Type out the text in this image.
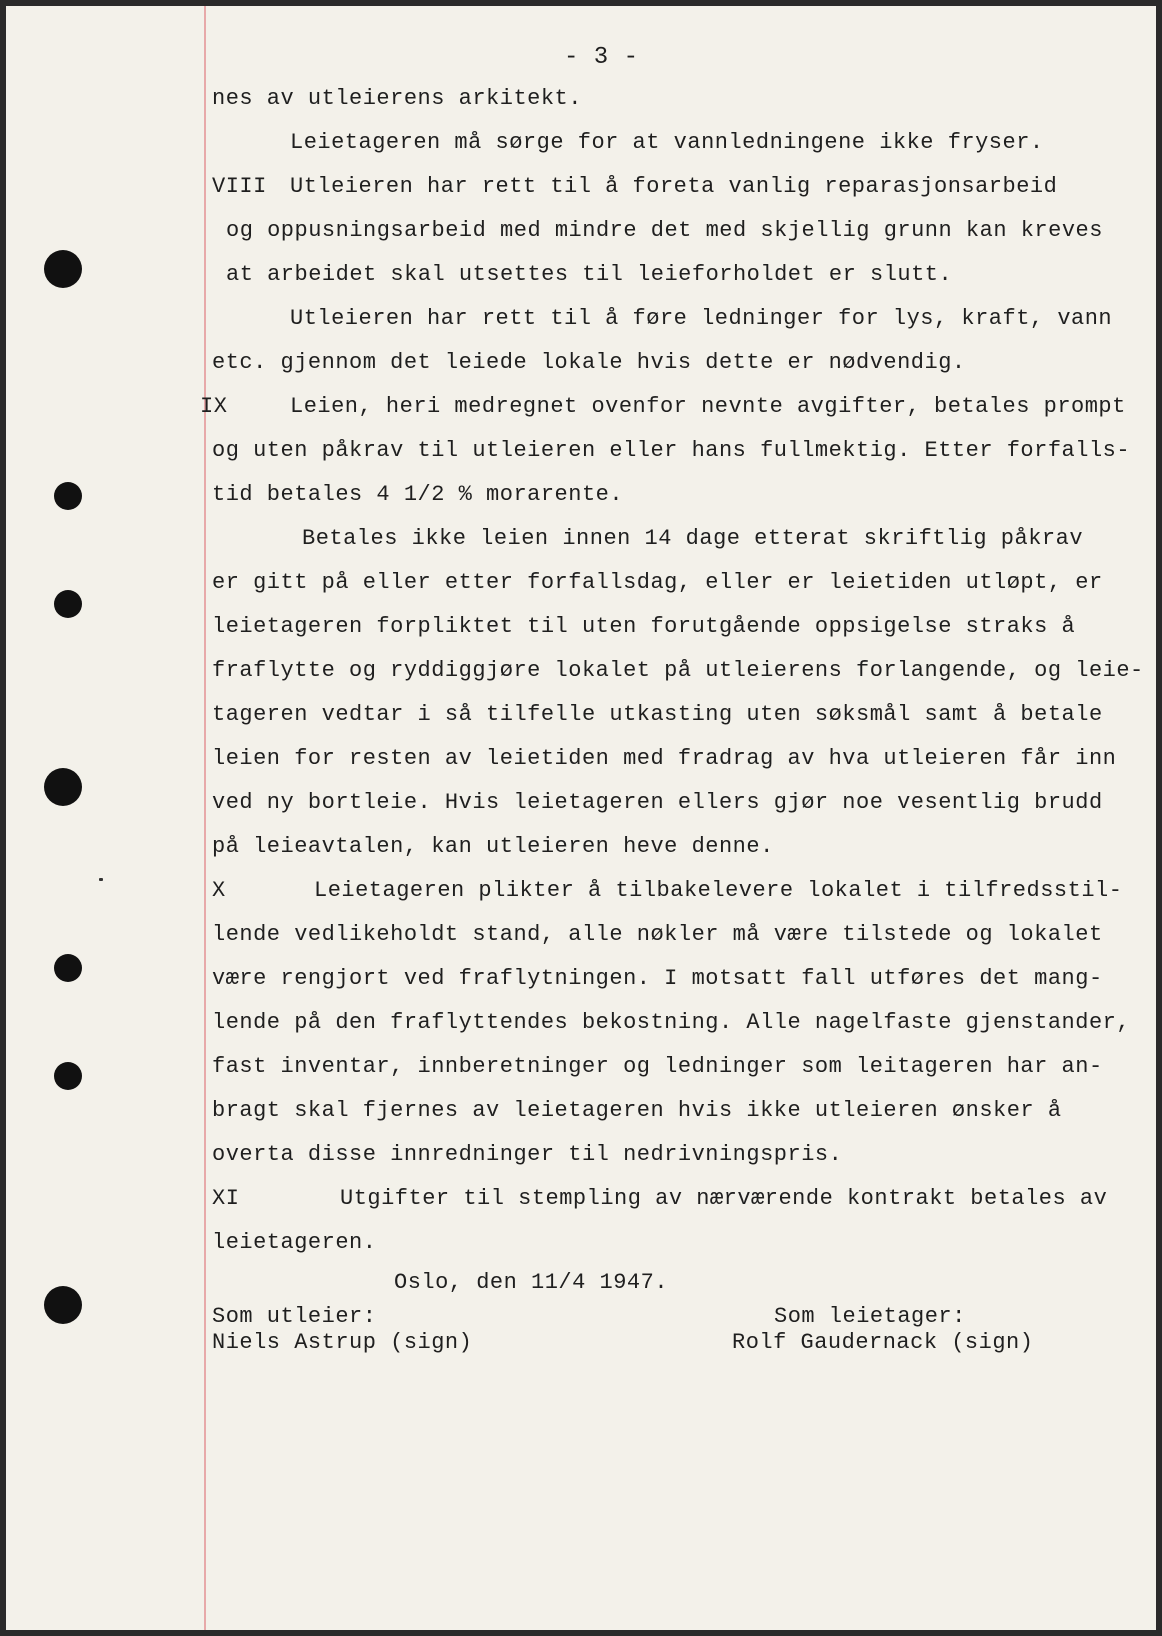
- 3 -
nes av utleierens arkitekt.
Leietageren må sørge for at vannledningene ikke fryser.
VIII Utleieren har rett til å foreta vanlig reparasjonsarbeid
og oppusningsarbeid med mindre det med skjellig grunn kan kreves
at arbeidet skal utsettes til leieforholdet er slutt.
Utleieren har rett til å føre ledninger for lys, kraft, vann
etc. gjennom det leiede lokale hvis dette er nødvendig.
IX	Leien, heri medregnet ovenfor nevnte avgifter, betales prompt
og uten påkrav til utleieren eller hans fullmektig. Etter forfalls-
tid betales 4 1/2 % morarente.
Betales ikke leien innen 14 dage etterat skriftlig påkrav
er gitt på eller etter forfallsdag, eller er leietiden utløpt, er
leietageren forpliktet til uten forutgående oppsigelse straks å
fraflytte og ryddiggjøre lokalet på utleierens forlangende, og leie-
tageren vedtar i så tilfelle utkasting uten søksmål samt å betale
leien for resten av leietiden med fradrag av hva utleieren får inn
ved ny bortleie. Hvis leietageren ellers gjør noe vesentlig brudd
på leieavtalen, kan utleieren heve denne.
X	Leietageren plikter å tilbakelevere lokalet i tilfredsstil-
lende vedlikeholdt stand, alle nøkler må være tilstede og lokalet
være rengjort ved fraflytningen. I motsatt fall utføres det mang-
lende på den fraflyttendes bekostning. Alle nagelfaste gjenstander,
fast inventar, innberetninger og ledninger som leitageren har an-
bragt skal fjernes av leietageren hvis ikke utleieren ønsker å
overta disse innredninger til nedrivningspris.
XI	Utgifter til stempling av nærværende kontrakt betales av
leietageren.
Oslo, den 11/4 1947.
Som utleier:
Niels Astrup (sign)
Som leietager:
Rolf Gaudernack (sign)
